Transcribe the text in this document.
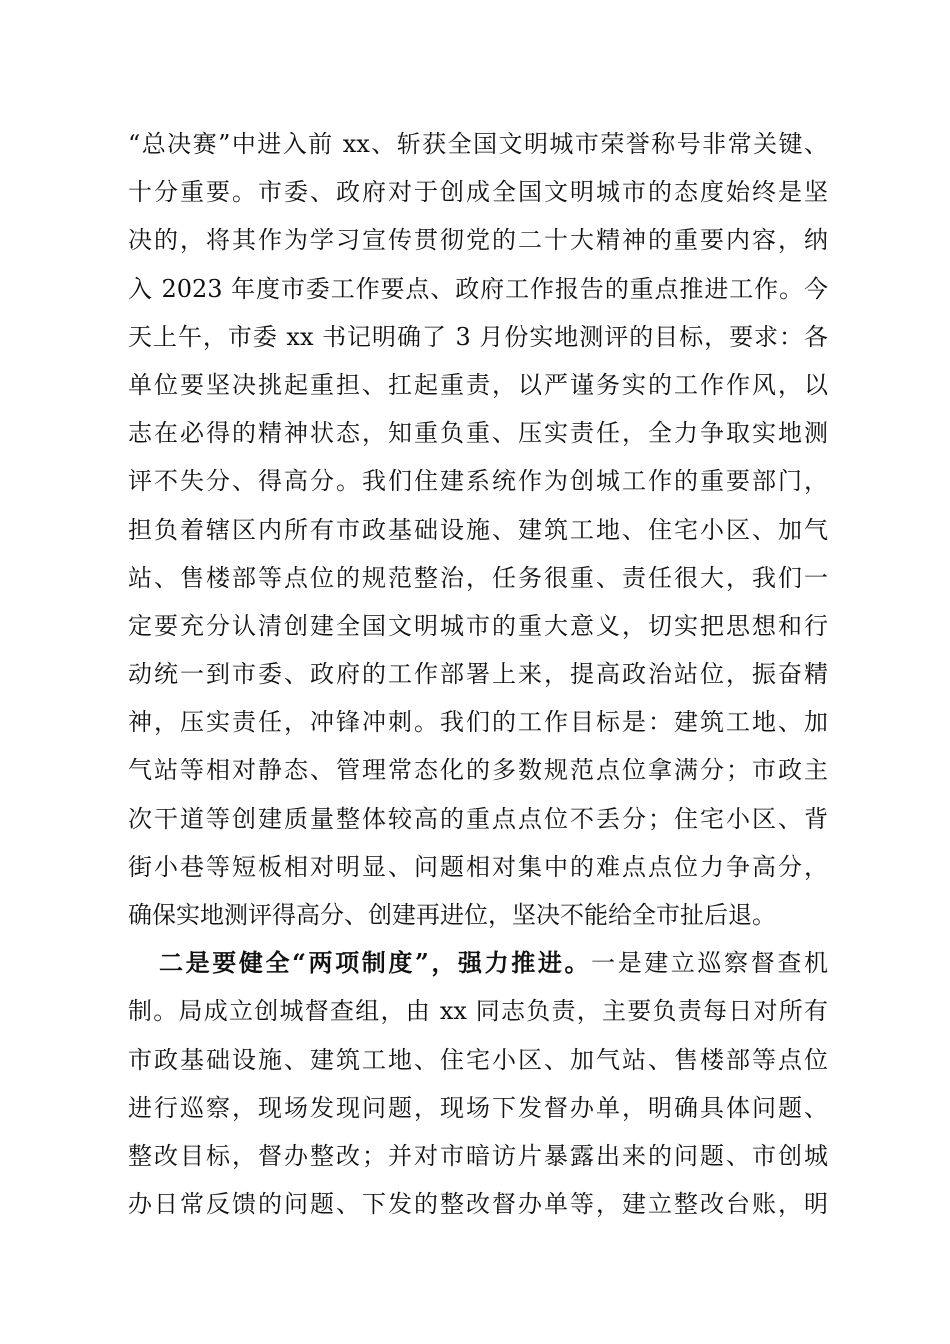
“总决赛”中进入前 xx、斩获全国文明城市荣誉称号非常关键、
十分重要。市委、政府对于创成全国文明城市的态度始终是坚
决的，将其作为学习宣传贯彻党的二十大精神的重要内容，纳
入 2023 年度市委工作要点、政府工作报告的重点推进工作。今
天上午，市委 xx 书记明确了 3 月份实地测评的目标，要求：各
单位要坚决挑起重担、扛起重责，以严谨务实的工作作风，以
志在必得的精神状态，知重负重、压实责任，全力争取实地测
评不失分、得高分。我们住建系统作为创城工作的重要部门，
担负着辖区内所有市政基础设施、建筑工地、住宅小区、加气
站、售楼部等点位的规范整治，任务很重、责任很大，我们一
定要充分认清创建全国文明城市的重大意义，切实把思想和行
动统一到市委、政府的工作部署上来，提高政治站位，振奋精
神，压实责任，冲锋冲刺。我们的工作目标是：建筑工地、加
气站等相对静态、管理常态化的多数规范点位拿满分；市政主
次干道等创建质量整体较高的重点点位不丢分；住宅小区、背
街小巷等短板相对明显、问题相对集中的难点点位力争高分，
确保实地测评得高分、创建再进位，坚决不能给全市扯后退。
二是要健全“两项制度”，强力推进。一是建立巡察督查机
制。局成立创城督查组，由 xx 同志负责，主要负责每日对所有
市政基础设施、建筑工地、住宅小区、加气站、售楼部等点位
进行巡察，现场发现问题，现场下发督办单，明确具体问题、
整改目标，督办整改；并对市暗访片暴露出来的问题、市创城
办日常反馈的问题、下发的整改督办单等，建立整改台账，明
